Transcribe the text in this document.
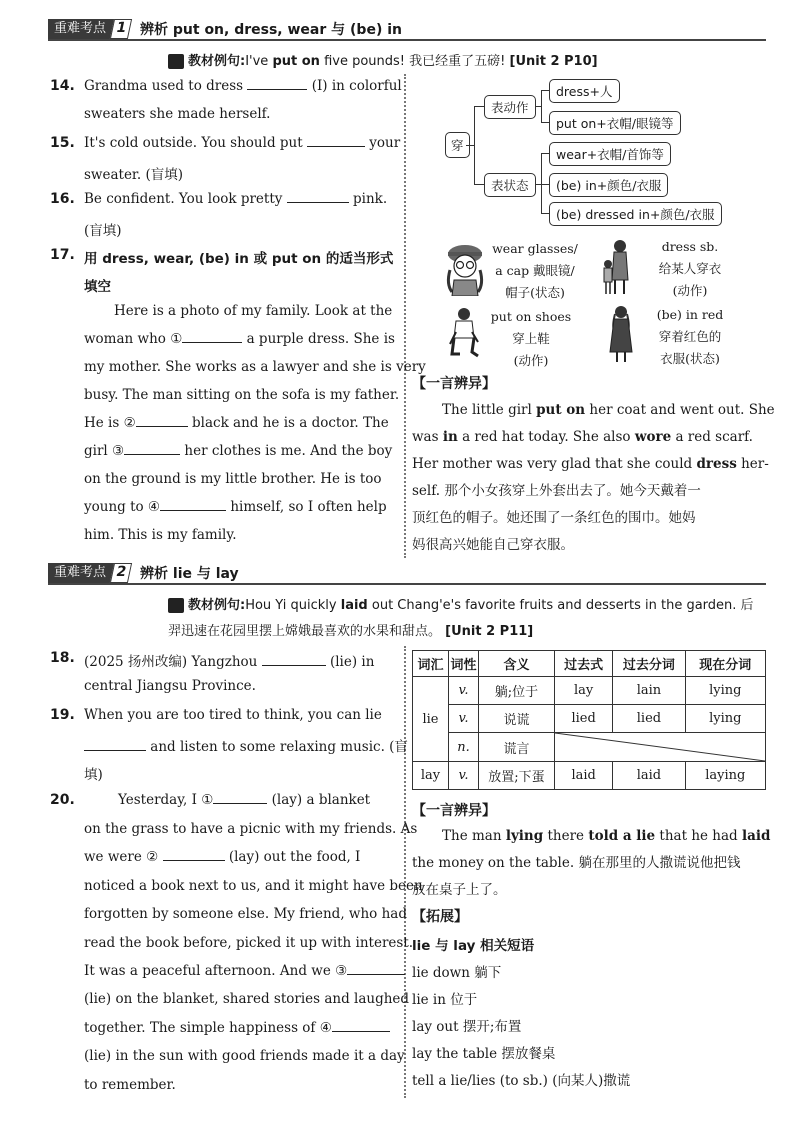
重难考点 1 辨析 put on, dress, wear 与 (be) in
教材例句:I've put on five pounds! 我已经重了五磅! [Unit 2 P10]
14. Grandma used to dress	(I) in colorful
sweaters she made herself.
15. It's cold outside. You should put	your
sweater. (盲填)
16. Be confident. You look pretty	pink.
(盲填)
17. 用 dress, wear, (be) in 或 put on 的适当形式
填空
Here is a photo of my family. Look at the
woman who ①	a purple dress. She is
my mother. She works as a lawyer and she is very
busy. The man sitting on the sofa is my father.
He is ②	black and he is a doctor. The
girl ③	her clothes is me. And the boy
on the ground is my little brother. He is too
young to ④	himself, so I often help
him. This is my family.
穿
表动作
表状态
dress+人
put on+衣帽/眼镜等
wear+衣帽/首饰等
(be) in+颜色/衣服
(be) dressed in+颜色/衣服
wear glasses/
a cap 戴眼镜/
帽子(状态)
dress sb.
给某人穿衣
(动作)
put on shoes
穿上鞋
(动作)
(be) in red
穿着红色的
衣服(状态)
【一言辨异】
The little girl put on her coat and went out. She
was in a red hat today. She also wore a red scarf.
Her mother was very glad that she could dress her-
self. 那个小女孩穿上外套出去了。她今天戴着一
顶红色的帽子。她还围了一条红色的围巾。她妈
妈很高兴她能自己穿衣服。
重难考点 2 辨析 lie 与 lay
教材例句:Hou Yi quickly laid out Chang'e's favorite fruits and desserts in the garden. 后
羿迅速在花园里摆上嫦娥最喜欢的水果和甜点。 [Unit 2 P11]
18. (2025 扬州改编) Yangzhou	(lie) in
central Jiangsu Province.
19. When you are too tired to think, you can lie
and listen to some relaxing music. (盲
填)
20.	Yesterday, I ①	(lay) a blanket
on the grass to have a picnic with my friends. As
we were ②	(lay) out the food, I
noticed a book next to us, and it might have been
forgotten by someone else. My friend, who had
read the book before, picked it up with interest.
It was a peaceful afternoon. And we ③
(lie) on the blanket, shared stories and laughed
together. The simple happiness of ④
(lie) in the sun with good friends made it a day
to remember.
词汇	词性	含义	过去式	过去分词	现在分词
lie	v.	躺;位于	lay	lain	lying
	v.	说谎	lied	lied	lying
	n.	谎言	

lay	v.	放置;下蛋	laid	laid	laying
【一言辨异】
The man lying there told a lie that he had laid
the money on the table. 躺在那里的人撒谎说他把钱
放在桌子上了。
【拓展】
lie 与 lay 相关短语
lie down 躺下
lie in 位于
lay out 摆开;布置
lay the table 摆放餐桌
tell a lie/lies (to sb.) (向某人)撒谎
